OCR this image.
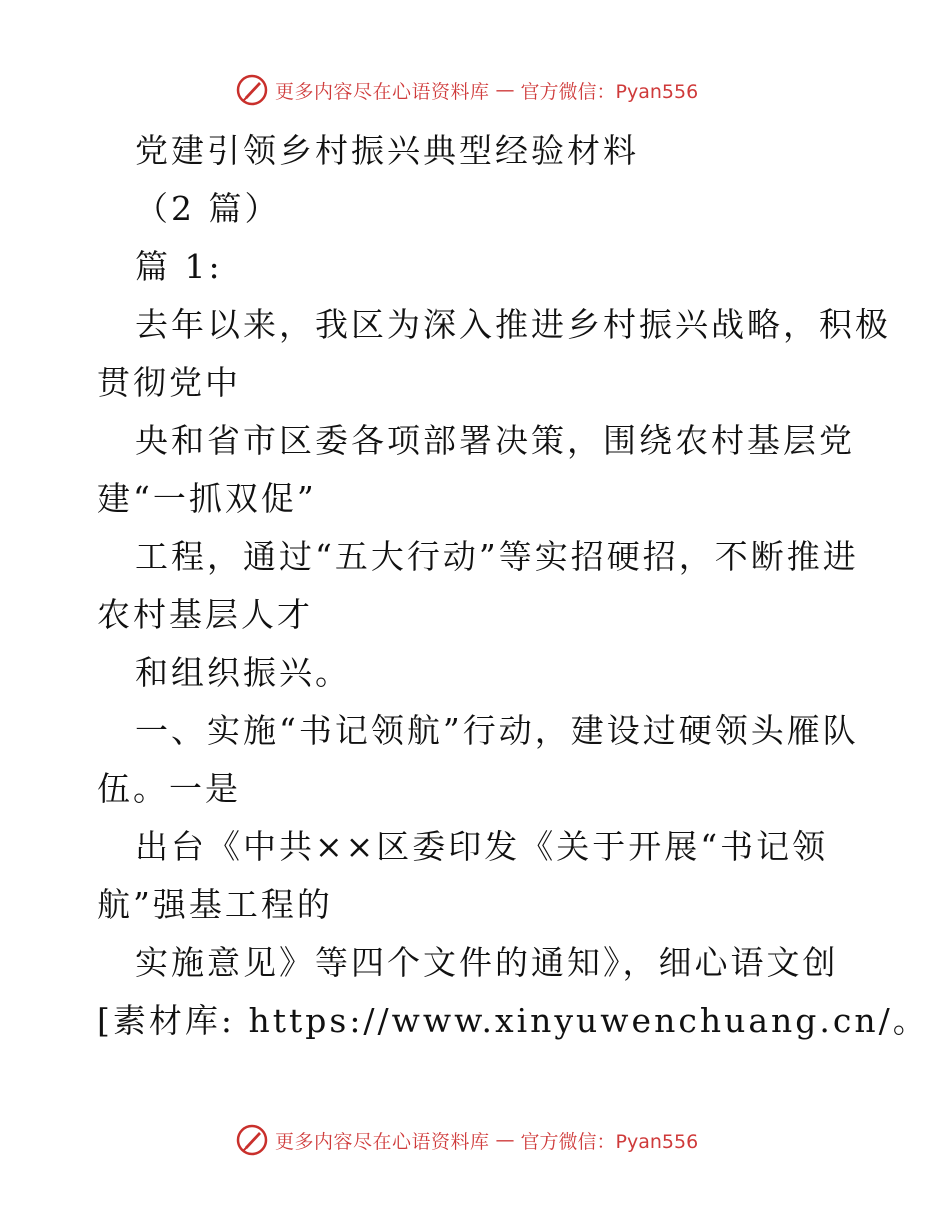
更多内容尽在心语资料库 — 官方微信：Pyan556
党建引领乡村振兴典型经验材料
（2 篇）
篇 1:
去年以来，我区为深入推进乡村振兴战略，积极
贯彻党中
央和省市区委各项部署决策，围绕农村基层党
建“一抓双促”
工程，通过“五大行动”等实招硬招，不断推进
农村基层人才
和组织振兴。
一、实施“书记领航”行动，建设过硬领头雁队
伍。一是
出台《中共××区委印发《关于开展“书记领
航”强基工程的
实施意见》等四个文件的通知》，细心语文创
[素材库: https://www.xinyuwenchuang.cn/。
更多内容尽在心语资料库 — 官方微信：Pyan556
